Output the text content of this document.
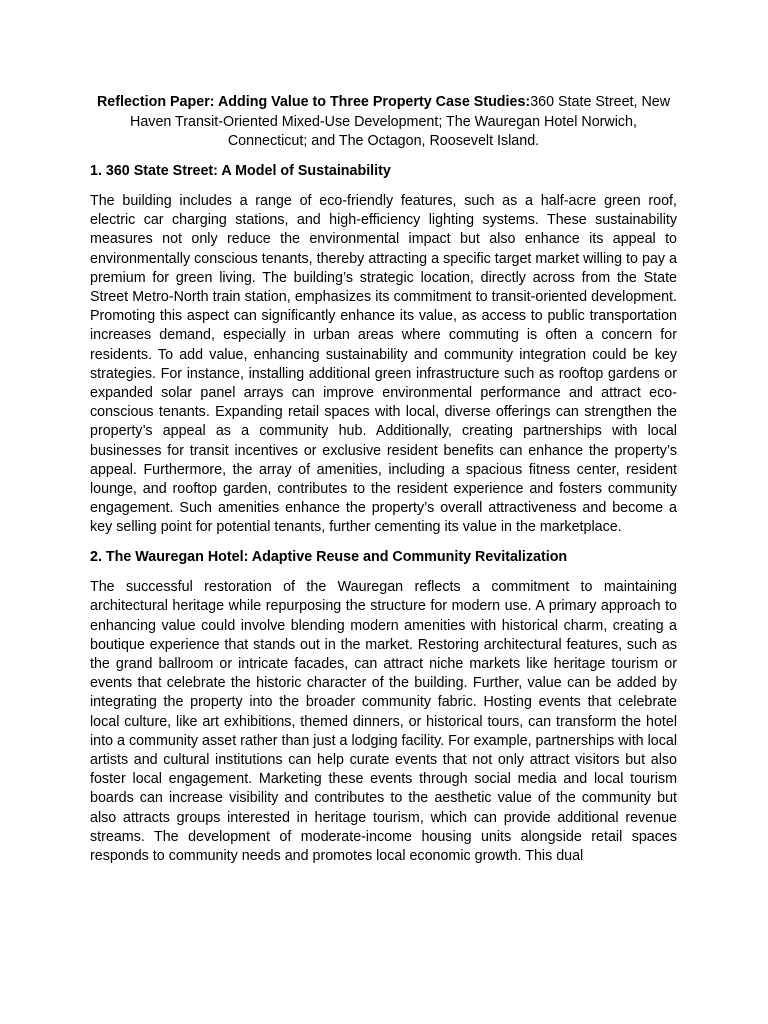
Reflection Paper: Adding Value to Three Property Case Studies:360 State Street, New Haven Transit-Oriented Mixed-Use Development; The Wauregan Hotel Norwich, Connecticut; and The Octagon, Roosevelt Island.
1. 360 State Street: A Model of Sustainability

The building includes a range of eco-friendly features, such as a half-acre green roof, electric car charging stations, and high-efficiency lighting systems. These sustainability measures not only reduce the environmental impact but also enhance its appeal to environmentally conscious tenants, thereby attracting a specific target market willing to pay a premium for green living. The building’s strategic location, directly across from the State Street Metro-North train station, emphasizes its commitment to transit-oriented development. Promoting this aspect can significantly enhance its value, as access to public transportation increases demand, especially in urban areas where commuting is often a concern for residents. To add value, enhancing sustainability and community integration could be key strategies. For instance, installing additional green infrastructure such as rooftop gardens or expanded solar panel arrays can improve environmental performance and attract eco-conscious tenants. Expanding retail spaces with local, diverse offerings can strengthen the property’s appeal as a community hub. Additionally, creating partnerships with local businesses for transit incentives or exclusive resident benefits can enhance the property’s appeal. Furthermore, the array of amenities, including a spacious fitness center, resident lounge, and rooftop garden, contributes to the resident experience and fosters community engagement. Such amenities enhance the property’s overall attractiveness and become a key selling point for potential tenants, further cementing its value in the marketplace.

2. The Wauregan Hotel: Adaptive Reuse and Community Revitalization

The successful restoration of the Wauregan reflects a commitment to maintaining architectural heritage while repurposing the structure for modern use. A primary approach to enhancing value could involve blending modern amenities with historical charm, creating a boutique experience that stands out in the market. Restoring architectural features, such as the grand ballroom or intricate facades, can attract niche markets like heritage tourism or events that celebrate the historic character of the building. Further, value can be added by integrating the property into the broader community fabric. Hosting events that celebrate local culture, like art exhibitions, themed dinners, or historical tours, can transform the hotel into a community asset rather than just a lodging facility. For example, partnerships with local artists and cultural institutions can help curate events that not only attract visitors but also foster local engagement. Marketing these events through social media and local tourism boards can increase visibility and contributes to the aesthetic value of the community but also attracts groups interested in heritage tourism, which can provide additional revenue streams. The development of moderate-income housing units alongside retail spaces responds to community needs and promotes local economic growth. This dual
